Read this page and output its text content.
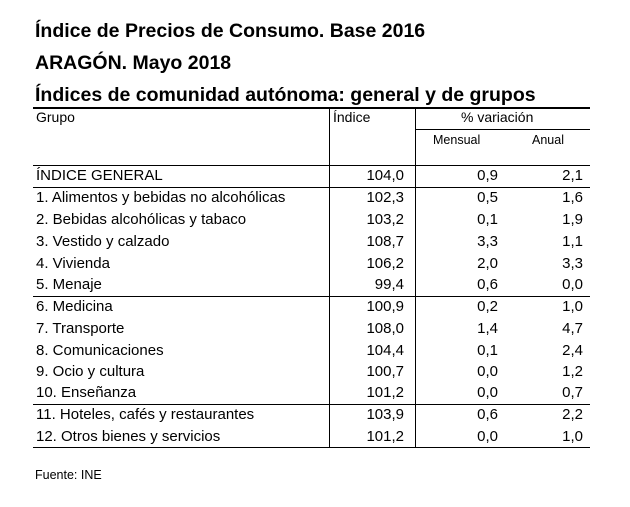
Índice de Precios de Consumo. Base 2016
ARAGÓN. Mayo 2018
Índices de comunidad autónoma: general y de grupos
Grupo	Índice	% variación
Mensual	Anual
ÍNDICE GENERAL	104,0	0,9	2,1
1. Alimentos y bebidas no alcohólicas	102,3	0,5	1,6
2. Bebidas alcohólicas y tabaco	103,2	0,1	1,9
3. Vestido y calzado	108,7	3,3	1,1
4. Vivienda	106,2	2,0	3,3
5. Menaje	99,4	0,6	0,0
6. Medicina	100,9	0,2	1,0
7. Transporte	108,0	1,4	4,7
8. Comunicaciones	104,4	0,1	2,4
9. Ocio y cultura	100,7	0,0	1,2
10. Enseñanza	101,2	0,0	0,7
11. Hoteles, cafés y restaurantes	103,9	0,6	2,2
12. Otros bienes y servicios	101,2	0,0	1,0
Fuente: INE
